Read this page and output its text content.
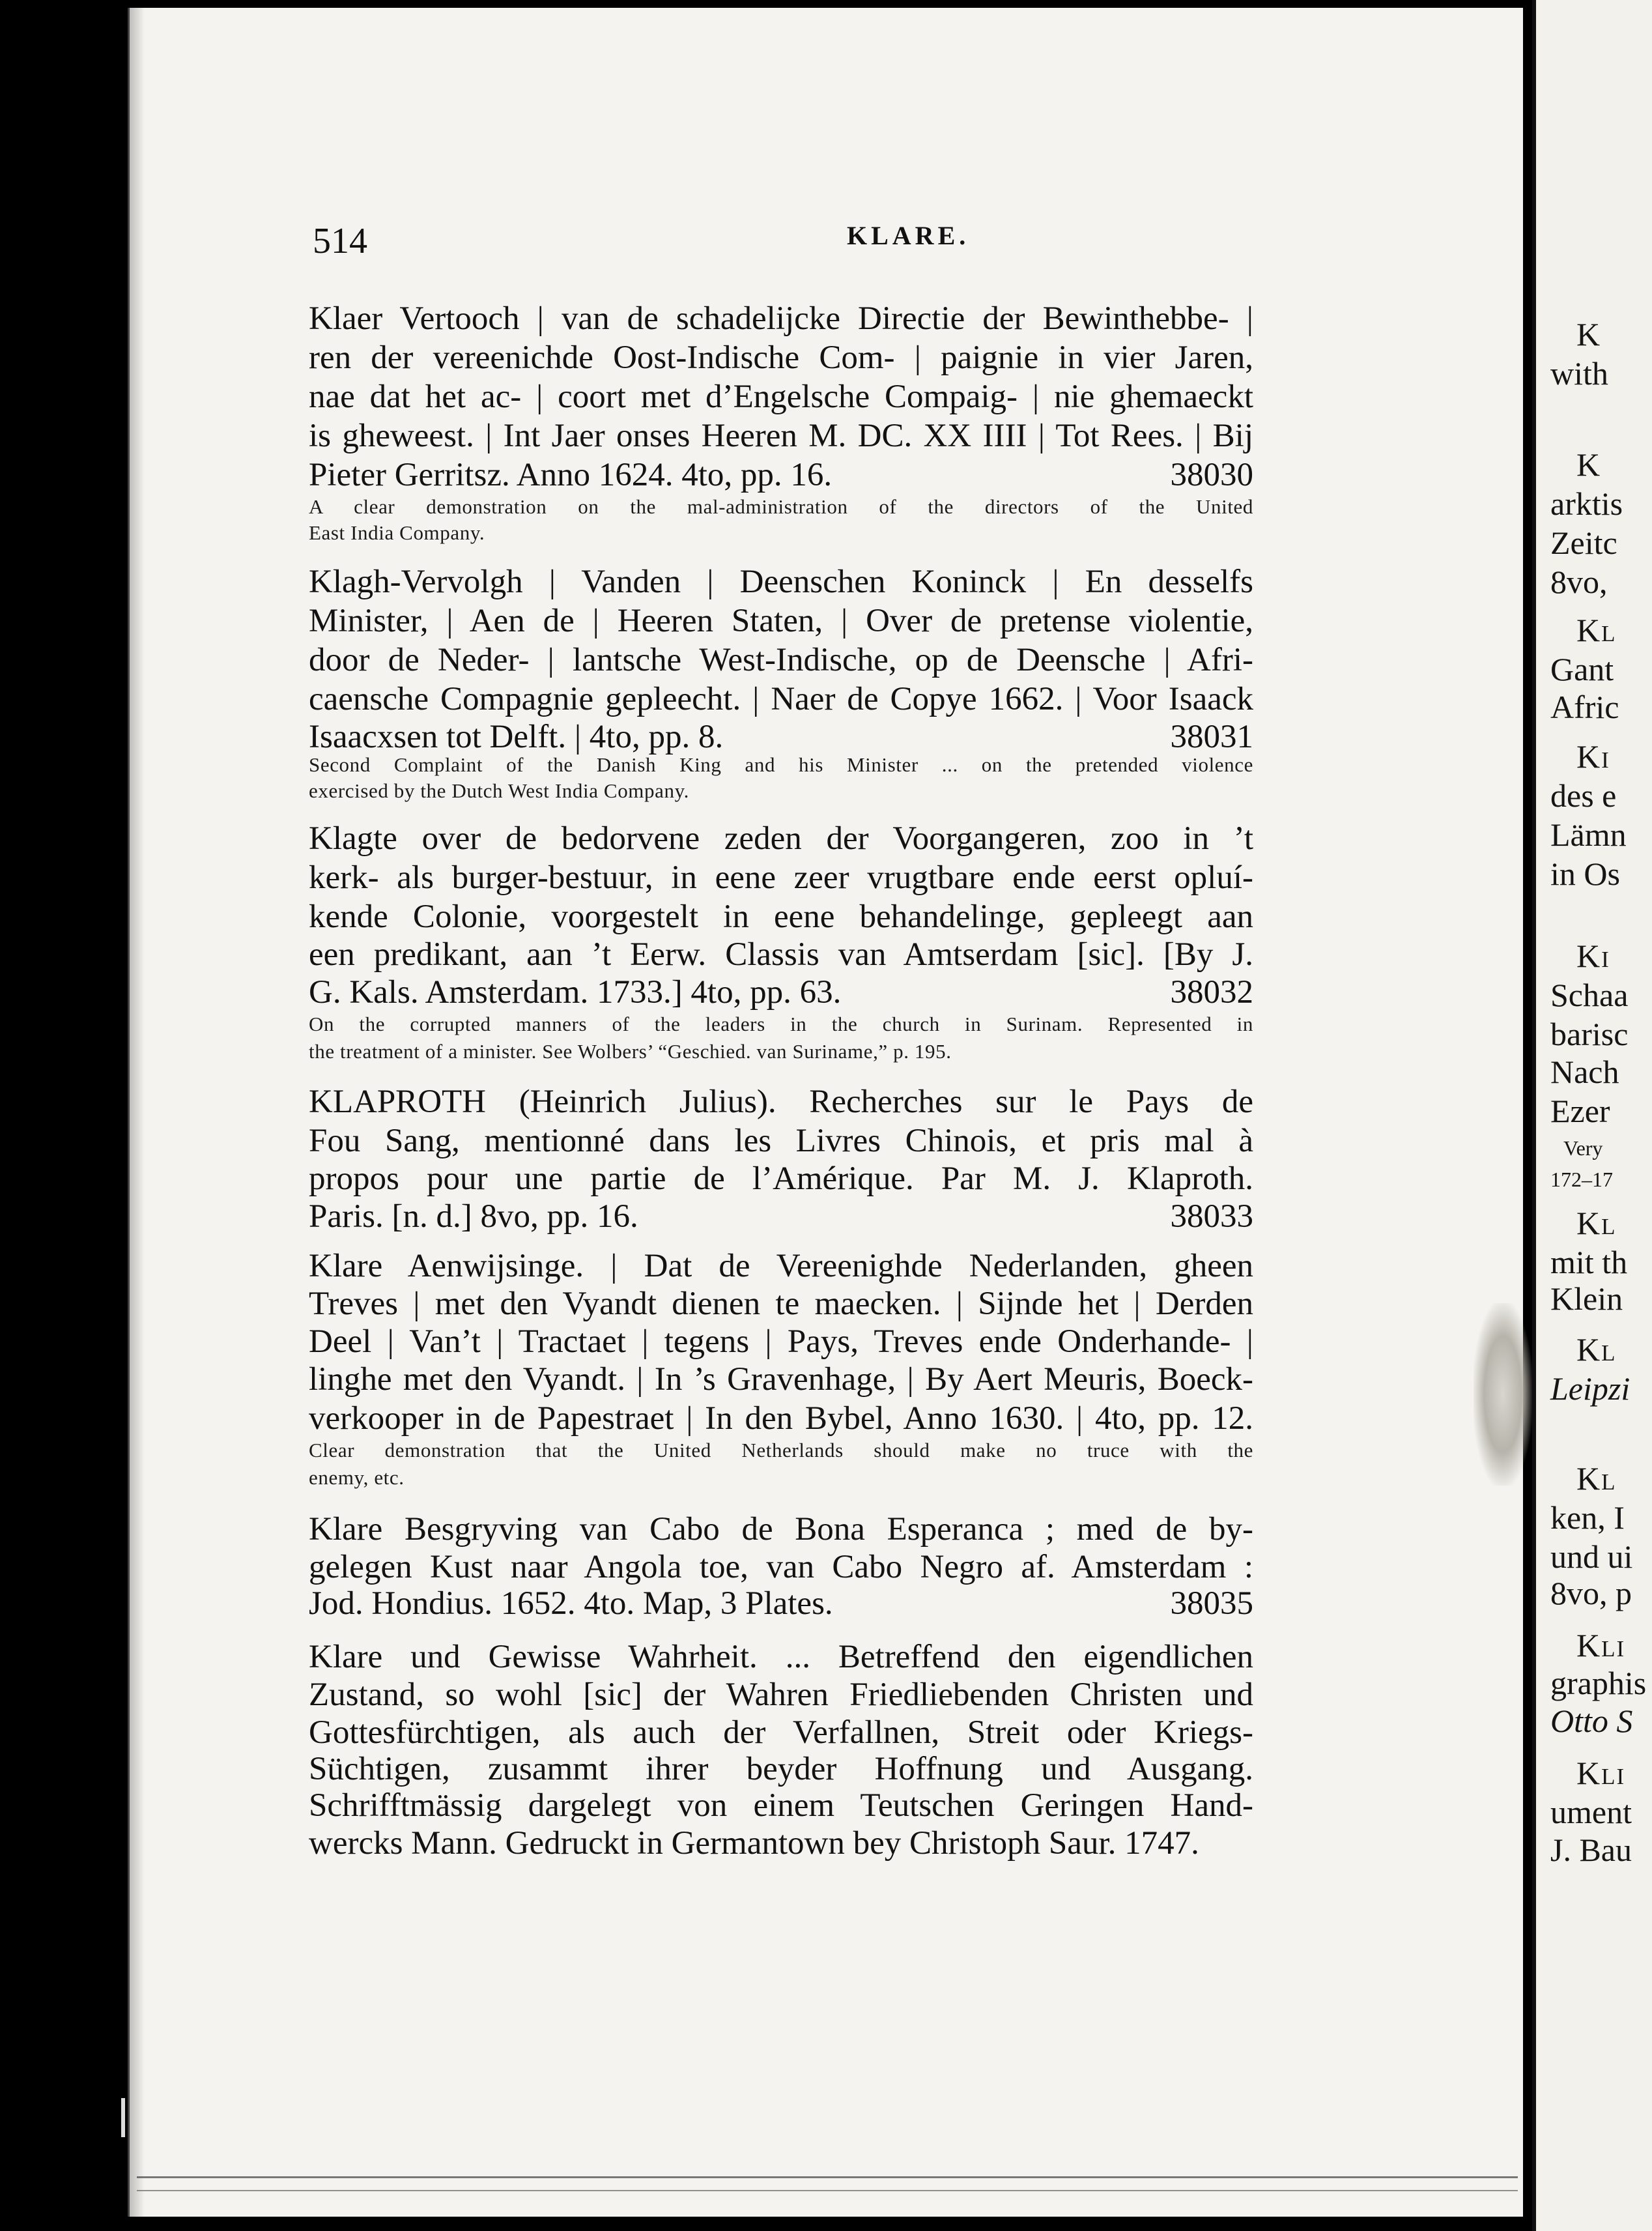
514	KLARE.
Klaer Vertooch | van de schadelijcke Directie der Bewinthebbe- |
ren der vereenichde Oost-Indische Com- | paignie in vier Jaren,
nae dat het ac- | coort met d’Engelsche Compaig- | nie ghemaeckt
is gheweest. | Int Jaer onses Heeren M. DC. XX IIII | Tot Rees. | Bij
Pieter Gerritsz. Anno 1624. 4to, pp. 16.	38030
A clear demonstration on the mal-administration of the directors of the United
East India Company.
Klagh-Vervolgh | Vanden | Deenschen Koninck | En desselfs
Minister, | Aen de | Heeren Staten, | Over de pretense violentie,
door de Neder- | lantsche West-Indische, op de Deensche | Afri-
caensche Compagnie gepleecht. | Naer de Copye 1662. | Voor Isaack
Isaacxsen tot Delft. | 4to, pp. 8.	38031
Second Complaint of the Danish King and his Minister ... on the pretended violence
exercised by the Dutch West India Company.
Klagte over de bedorvene zeden der Voorgangeren, zoo in ’t
kerk- als burger-bestuur, in eene zeer vrugtbare ende eerst opluí-
kende Colonie, voorgestelt in eene behandelinge, gepleegt aan
een predikant, aan ’t Eerw. Classis van Amtserdam [sic]. [By J.
G. Kals. Amsterdam. 1733.] 4to, pp. 63.	38032
On the corrupted manners of the leaders in the church in Surinam. Represented in
the treatment of a minister. See Wolbers’ “Geschied. van Suriname,” p. 195.
KLAPROTH (Heinrich Julius). Recherches sur le Pays de
Fou Sang, mentionné dans les Livres Chinois, et pris mal à
propos pour une partie de l’Amérique. Par M. J. Klaproth.
Paris. [n. d.] 8vo, pp. 16.	38033
Klare Aenwijsinge. | Dat de Vereenighde Nederlanden, gheen
Treves | met den Vyandt dienen te maecken. | Sijnde het | Derden
Deel | Van’t | Tractaet | tegens | Pays, Treves ende Onderhande- |
linghe met den Vyandt. | In ’s Gravenhage, | By Aert Meuris, Boeck-
verkooper in de Papestraet | In den Bybel, Anno 1630. | 4to, pp. 12.
Clear demonstration that the United Netherlands should make no truce with the
enemy, etc.
Klare Besgryving van Cabo de Bona Esperanca ; med de by-
gelegen Kust naar Angola toe, van Cabo Negro af. Amsterdam :
Jod. Hondius. 1652. 4to. Map, 3 Plates.	38035
Klare und Gewisse Wahrheit. ... Betreffend den eigendlichen
Zustand, so wohl [sic] der Wahren Friedliebenden Christen und
Gottesfürchtigen, als auch der Verfallnen, Streit oder Kriegs-
Süchtigen, zusammt ihrer beyder Hoffnung und Ausgang.
Schrifftmässig dargelegt von einem Teutschen Geringen Hand-
wercks Mann. Gedruckt in Germantown bey Christoph Saur. 1747.
K
with
K
arktis
Zeitc
8vo,
Kl
Gant
Afric
Ki
des e
Lämn
in Os
Ki
Schaa
barisc
Nach
Ezer
Very
172–17
Kl
mit th
Klein
Kl
Leipzi
Kl
ken, I
und ui
8vo, p
Kli
graphis
Otto S
Kli
ument
J. Bau
